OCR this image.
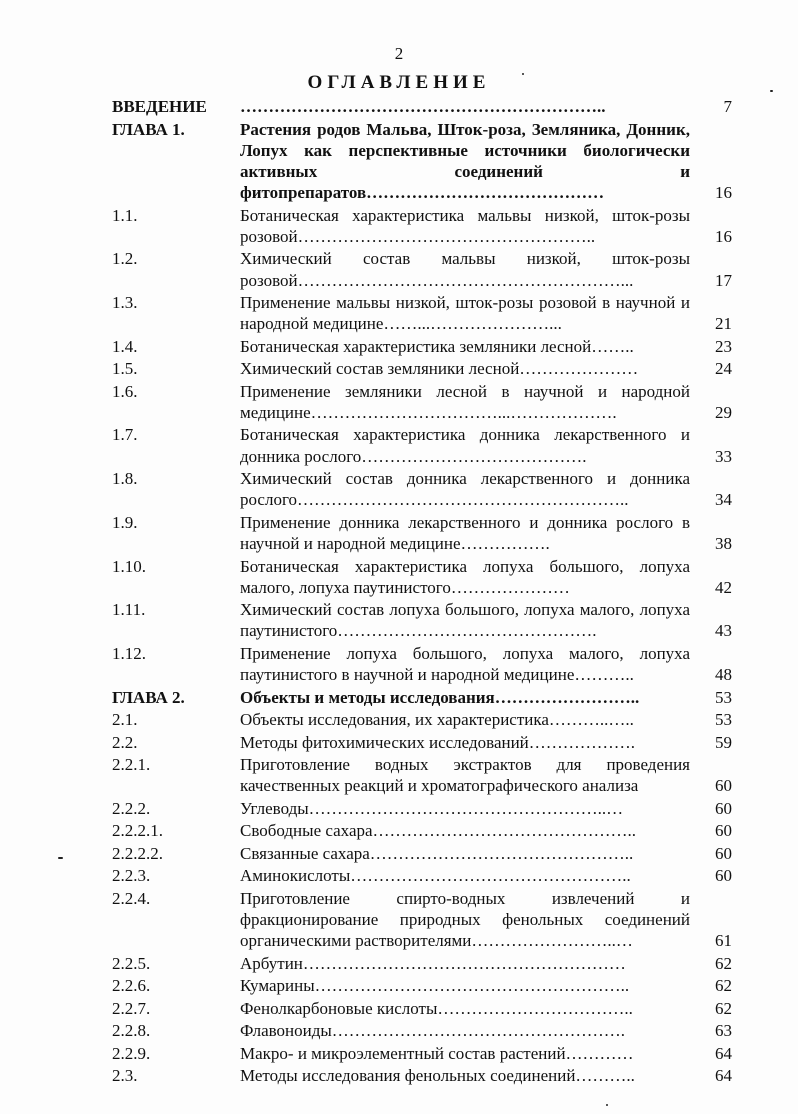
2
ОГЛАВЛЕНИЕ
ВВЕДЕНИЕ	………………………………………………………..	7
ГЛАВА 1.	Растения родов Мальва, Шток-роза, Земляника, Донник, Лопух как перспективные источники биологически активных соединений и фитопрепаратов……………………………………	16
1.1.	Ботаническая характеристика мальвы низкой, шток-розы розовой……………………………………………..	16
1.2.	Химический состав мальвы низкой, шток-розы розовой…………………………………………………...	17
1.3.	Применение мальвы низкой, шток-розы розовой в научной и народной медицине……...…………………...	21
1.4.	Ботаническая характеристика земляники лесной……..	23
1.5.	Химический состав земляники лесной…………………	24
1.6.	Применение земляники лесной в научной и народной медицине……………………………...……………….	29
1.7.	Ботаническая характеристика донника лекарственного и донника рослого………………………………….	33
1.8.	Химический состав донника лекарственного и донника рослого…………………………………………………..	34
1.9.	Применение донника лекарственного и донника рослого в научной и народной медицине…………….	38
1.10.	Ботаническая характеристика лопуха большого, лопуха малого, лопуха паутинистого…………………	42
1.11.	Химический состав лопуха большого, лопуха малого, лопуха паутинистого……………………………………….	43
1.12.	Применение лопуха большого, лопуха малого, лопуха паутинистого в научной и народной медицине………..	48
ГЛАВА 2.	Объекты и методы исследования……………………..	53
2.1.	Объекты исследования, их характеристика………..…..	53
2.2.	Методы фитохимических исследований……………….	59
2.2.1.	Приготовление водных экстрактов для проведения качественных реакций и хроматографического анализа	60
2.2.2.	Углеводы……………………………………………..…	60
2.2.2.1.	Свободные сахара………………………………………..	60
2.2.2.2.	Связанные сахара………………………………………..	60
2.2.3.	Аминокислоты…………………………………………..	60
2.2.4.	Приготовление спирто-водных извлечений и фракционирование природных фенольных соединений органическими растворителями……………………..…	61
2.2.5.	Арбутин…………………………………………………	62
2.2.6.	Кумарины………………………………………………..	62
2.2.7.	Фенолкарбоновые кислоты……………………………..	62
2.2.8.	Флавоноиды…………………………………………….	63
2.2.9.	Макро- и микроэлементный состав растений…………	64
2.3.	Методы исследования фенольных соединений………..	64
